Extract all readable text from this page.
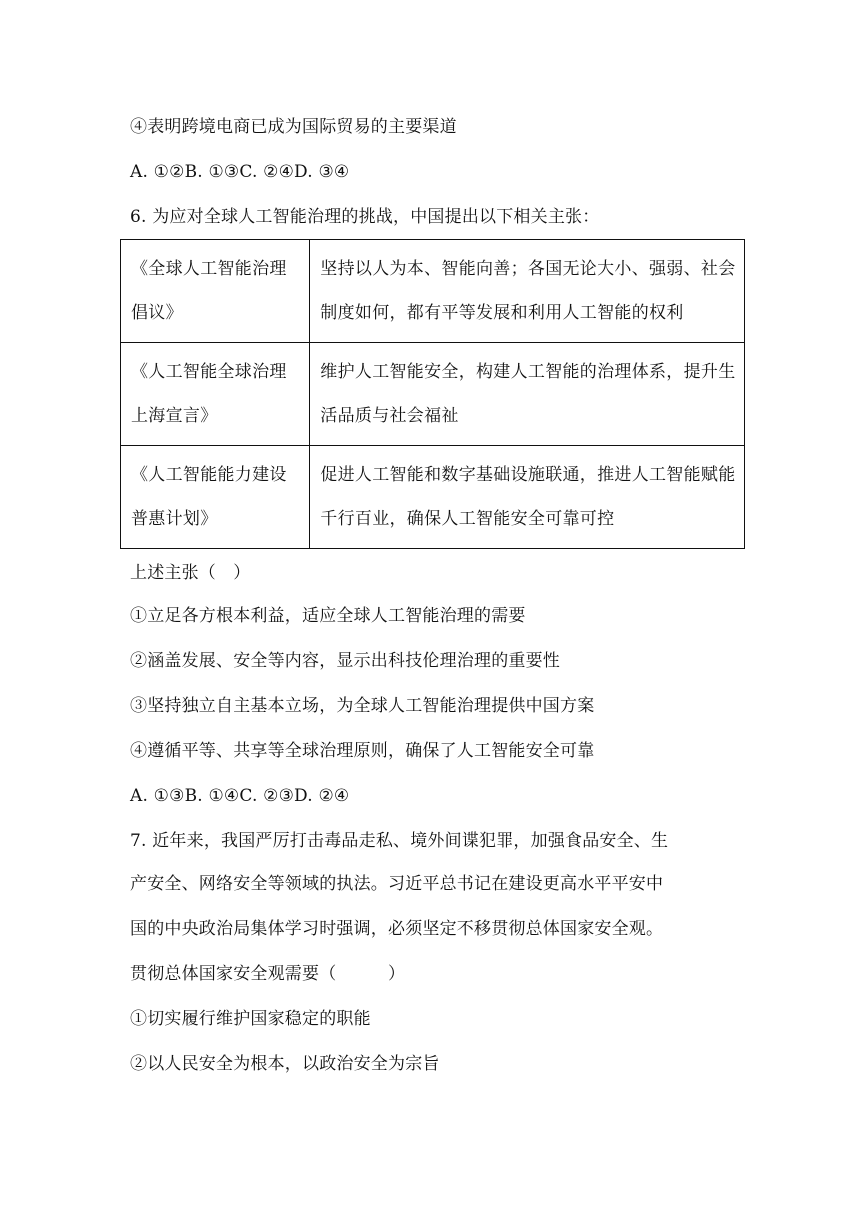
④表明跨境电商已成为国际贸易的主要渠道
A. ①②B. ①③C. ②④D. ③④
6. 为应对全球人工智能治理的挑战，中国提出以下相关主张：
《全球人工智能治理倡议》	坚持以人为本、智能向善；各国无论大小、强弱、社会制度如何，都有平等发展和利用人工智能的权利
《人工智能全球治理上海宣言》	维护人工智能安全，构建人工智能的治理体系，提升生活品质与社会福祉
《人工智能能力建设普惠计划》	促进人工智能和数字基础设施联通，推进人工智能赋能千行百业，确保人工智能安全可靠可控
上述主张（　）
①立足各方根本利益，适应全球人工智能治理的需要
②涵盖发展、安全等内容，显示出科技伦理治理的重要性
③坚持独立自主基本立场，为全球人工智能治理提供中国方案
④遵循平等、共享等全球治理原则，确保了人工智能安全可靠
A. ①③B. ①④C. ②③D. ②④
7. 近年来，我国严厉打击毒品走私、境外间谍犯罪，加强食品安全、生
产安全、网络安全等领域的执法。习近平总书记在建设更高水平平安中
国的中央政治局集体学习时强调，必须坚定不移贯彻总体国家安全观。
贯彻总体国家安全观需要（　　　）
①切实履行维护国家稳定的职能
②以人民安全为根本，以政治安全为宗旨
